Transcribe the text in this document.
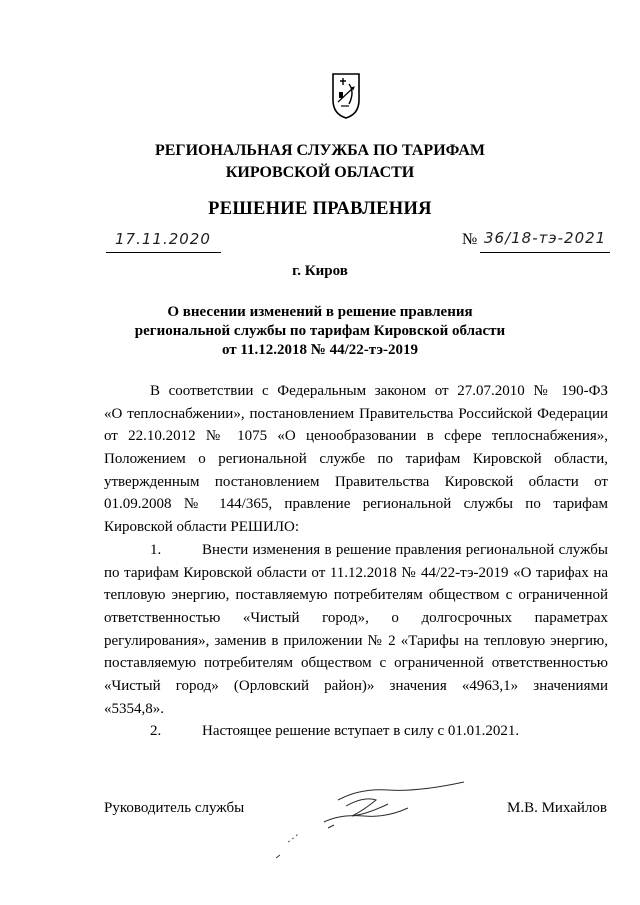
РЕГИОНАЛЬНАЯ СЛУЖБА ПО ТАРИФАМ
КИРОВСКОЙ ОБЛАСТИ
РЕШЕНИЕ ПРАВЛЕНИЯ
17.11.2020	№ 36/18-тэ-2021
г. Киров
О внесении изменений в решение правления
региональной службы по тарифам Кировской области
от 11.12.2018 № 44/22-тэ-2019
В соответствии с Федеральным законом от 27.07.2010 № 190-ФЗ
«О теплоснабжении», постановлением Правительства Российской Федерации
от 22.10.2012 № 1075 «О ценообразовании в сфере теплоснабжения»,
Положением о региональной службе по тарифам Кировской области,
утвержденным постановлением Правительства Кировской области от
01.09.2008 № 144/365, правление региональной службы по тарифам
Кировской области РЕШИЛО:
1.	Внести изменения в решение правления региональной службы
по тарифам Кировской области от 11.12.2018 № 44/22-тэ-2019 «О тарифах на
тепловую энергию, поставляемую потребителям обществом с ограниченной
ответственностью «Чистый город», о долгосрочных параметрах
регулирования», заменив в приложении № 2 «Тарифы на тепловую энергию,
поставляемую потребителям обществом с ограниченной ответственностью
«Чистый город» (Орловский район)» значения «4963,1» значениями
«5354,8».
2.	Настоящее решение вступает в силу с 01.01.2021.
Руководитель службы	М.В. Михайлов
